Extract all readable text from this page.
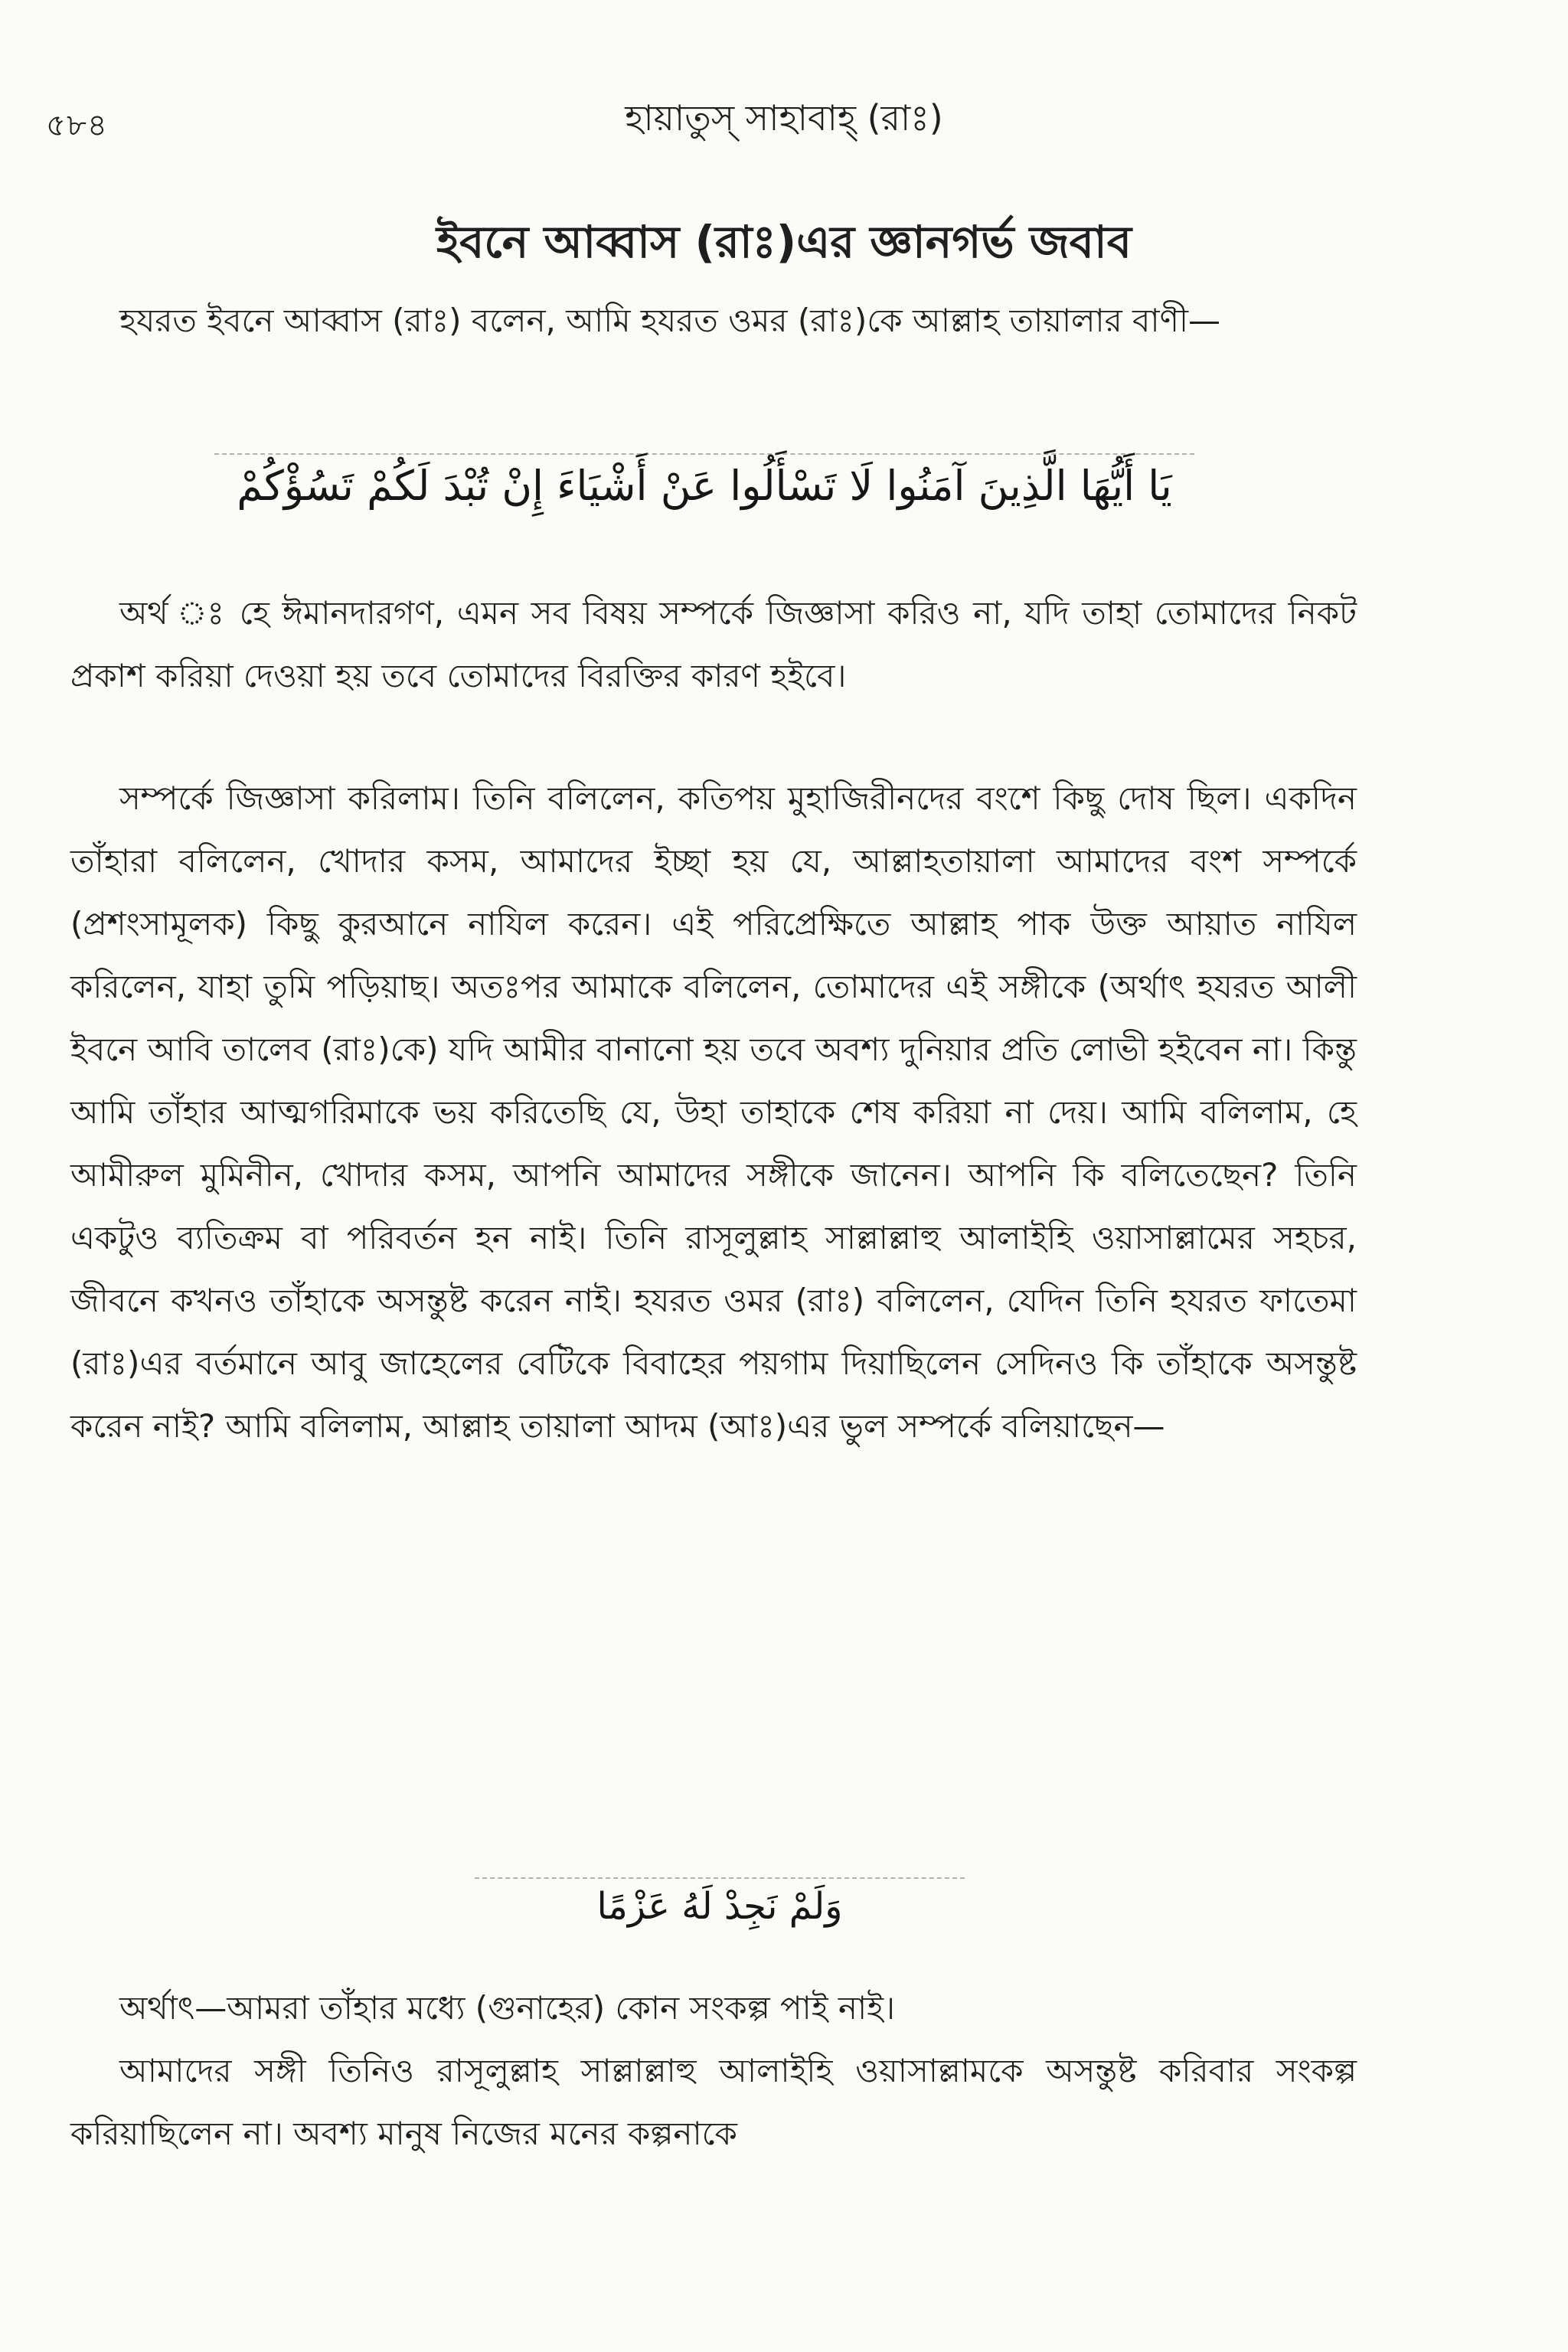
৫৮৪	হায়াতুস্ সাহাবাহ্ (রাঃ)
ইবনে আব্বাস (রাঃ)এর জ্ঞানগর্ভ জবাব
হযরত ইবনে আব্বাস (রাঃ) বলেন, আমি হযরত ওমর (রাঃ)কে আল্লাহ তায়ালার বাণী—
يَا أَيُّهَا الَّذِينَ آمَنُوا لَا تَسْأَلُوا عَنْ أَشْيَاءَ إِنْ تُبْدَ لَكُمْ تَسُؤْكُمْ
অর্থ ঃ হে ঈমানদারগণ, এমন সব বিষয় সম্পর্কে জিজ্ঞাসা করিও না, যদি তাহা তোমাদের নিকট প্রকাশ করিয়া দেওয়া হয় তবে তোমাদের বিরক্তির কারণ হইবে।
সম্পর্কে জিজ্ঞাসা করিলাম। তিনি বলিলেন, কতিপয় মুহাজিরীনদের বংশে কিছু দোষ ছিল। একদিন তাঁহারা বলিলেন, খোদার কসম, আমাদের ইচ্ছা হয় যে, আল্লাহতায়ালা আমাদের বংশ সম্পর্কে (প্রশংসামূলক) কিছু কুরআনে নাযিল করেন। এই পরিপ্রেক্ষিতে আল্লাহ পাক উক্ত আয়াত নাযিল করিলেন, যাহা তুমি পড়িয়াছ। অতঃপর আমাকে বলিলেন, তোমাদের এই সঙ্গীকে (অর্থাৎ হযরত আলী ইবনে আবি তালেব (রাঃ)কে) যদি আমীর বানানো হয় তবে অবশ্য দুনিয়ার প্রতি লোভী হইবেন না। কিন্তু আমি তাঁহার আত্মগরিমাকে ভয় করিতেছি যে, উহা তাহাকে শেষ করিয়া না দেয়। আমি বলিলাম, হে আমীরুল মুমিনীন, খোদার কসম, আপনি আমাদের সঙ্গীকে জানেন। আপনি কি বলিতেছেন? তিনি একটুও ব্যতিক্রম বা পরিবর্তন হন নাই। তিনি রাসূলুল্লাহ সাল্লাল্লাহু আলাইহি ওয়াসাল্লামের সহচর, জীবনে কখনও তাঁহাকে অসন্তুষ্ট করেন নাই। হযরত ওমর (রাঃ) বলিলেন, যেদিন তিনি হযরত ফাতেমা (রাঃ)এর বর্তমানে আবু জাহেলের বেটিকে বিবাহের পয়গাম দিয়াছিলেন সেদিনও কি তাঁহাকে অসন্তুষ্ট করেন নাই? আমি বলিলাম, আল্লাহ তায়ালা আদম (আঃ)এর ভুল সম্পর্কে বলিয়াছেন—
وَلَمْ نَجِدْ لَهُ عَزْمًا
অর্থাৎ—আমরা তাঁহার মধ্যে (গুনাহের) কোন সংকল্প পাই নাই।
আমাদের সঙ্গী তিনিও রাসূলুল্লাহ সাল্লাল্লাহু আলাইহি ওয়াসাল্লামকে অসন্তুষ্ট করিবার সংকল্প করিয়াছিলেন না। অবশ্য মানুষ নিজের মনের কল্পনাকে
